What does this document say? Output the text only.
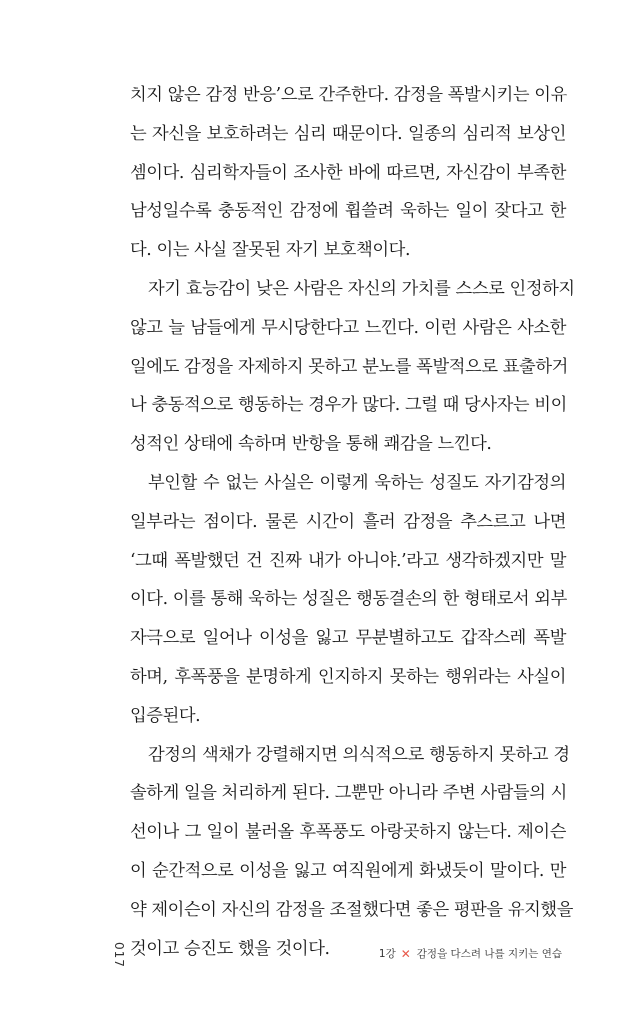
치지 않은 감정 반응’으로 간주한다. 감정을 폭발시키는 이유
는 자신을 보호하려는 심리 때문이다. 일종의 심리적 보상인
셈이다. 심리학자들이 조사한 바에 따르면, 자신감이 부족한
남성일수록 충동적인 감정에 휩쓸려 욱하는 일이 잦다고 한
다. 이는 사실 잘못된 자기 보호책이다.
자기 효능감이 낮은 사람은 자신의 가치를 스스로 인정하지
않고 늘 남들에게 무시당한다고 느낀다. 이런 사람은 사소한
일에도 감정을 자제하지 못하고 분노를 폭발적으로 표출하거
나 충동적으로 행동하는 경우가 많다. 그럴 때 당사자는 비이
성적인 상태에 속하며 반항을 통해 쾌감을 느낀다.
부인할 수 없는 사실은 이렇게 욱하는 성질도 자기감정의
일부라는 점이다. 물론 시간이 흘러 감정을 추스르고 나면
‘그때 폭발했던 건 진짜 내가 아니야.’라고 생각하겠지만 말
이다. 이를 통해 욱하는 성질은 행동결손의 한 형태로서 외부
자극으로 일어나 이성을 잃고 무분별하고도 갑작스레 폭발
하며, 후폭풍을 분명하게 인지하지 못하는 행위라는 사실이
입증된다.
감정의 색채가 강렬해지면 의식적으로 행동하지 못하고 경
솔하게 일을 처리하게 된다. 그뿐만 아니라 주변 사람들의 시
선이나 그 일이 불러올 후폭풍도 아랑곳하지 않는다. 제이슨
이 순간적으로 이성을 잃고 여직원에게 화냈듯이 말이다. 만
약 제이슨이 자신의 감정을 조절했다면 좋은 평판을 유지했을
것이고 승진도 했을 것이다.
017	1강 ✕ 감정을 다스려 나를 지키는 연습
